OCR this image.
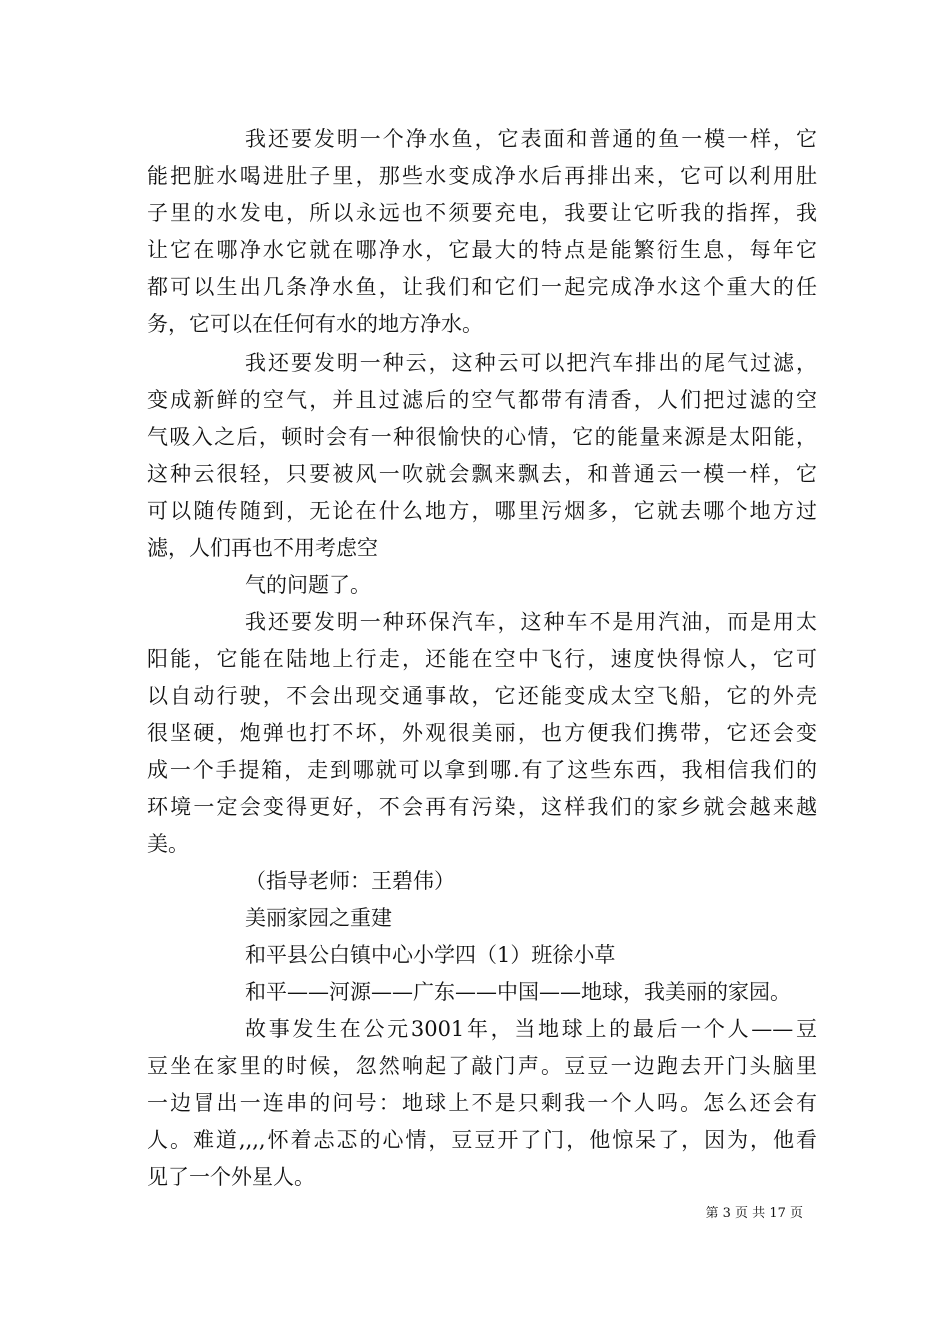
我还要发明一个净水鱼，它表面和普通的鱼一模一样，它
能把脏水喝进肚子里，那些水变成净水后再排出来，它可以利用肚
子里的水发电，所以永远也不须要充电，我要让它听我的指挥，我
让它在哪净水它就在哪净水，它最大的特点是能繁衍生息，每年它
都可以生出几条净水鱼，让我们和它们一起完成净水这个重大的任
务，它可以在任何有水的地方净水。
我还要发明一种云，这种云可以把汽车排出的尾气过滤，
变成新鲜的空气，并且过滤后的空气都带有清香，人们把过滤的空
气吸入之后，顿时会有一种很愉快的心情，它的能量来源是太阳能，
这种云很轻，只要被风一吹就会飘来飘去，和普通云一模一样，它
可以随传随到，无论在什么地方，哪里污烟多，它就去哪个地方过
滤，人们再也不用考虑空
气的问题了。
我还要发明一种环保汽车，这种车不是用汽油，而是用太
阳能，它能在陆地上行走，还能在空中飞行，速度快得惊人，它可
以自动行驶，不会出现交通事故，它还能变成太空飞船，它的外壳
很坚硬，炮弹也打不坏，外观很美丽，也方便我们携带，它还会变
成一个手提箱，走到哪就可以拿到哪.有了这些东西，我相信我们的
环境一定会变得更好，不会再有污染，这样我们的家乡就会越来越
美。
（指导老师：王碧伟）
美丽家园之重建
和平县公白镇中心小学四（1）班徐小草
和平——河源——广东——中国——地球，我美丽的家园。
故事发生在公元3001年，当地球上的最后一个人——豆
豆坐在家里的时候，忽然响起了敲门声。豆豆一边跑去开门头脑里
一边冒出一连串的问号：地球上不是只剩我一个人吗。怎么还会有
人。难道,,,,怀着忐忑的心情，豆豆开了门，他惊呆了，因为，他看
见了一个外星人。
第 3 页 共 17 页
